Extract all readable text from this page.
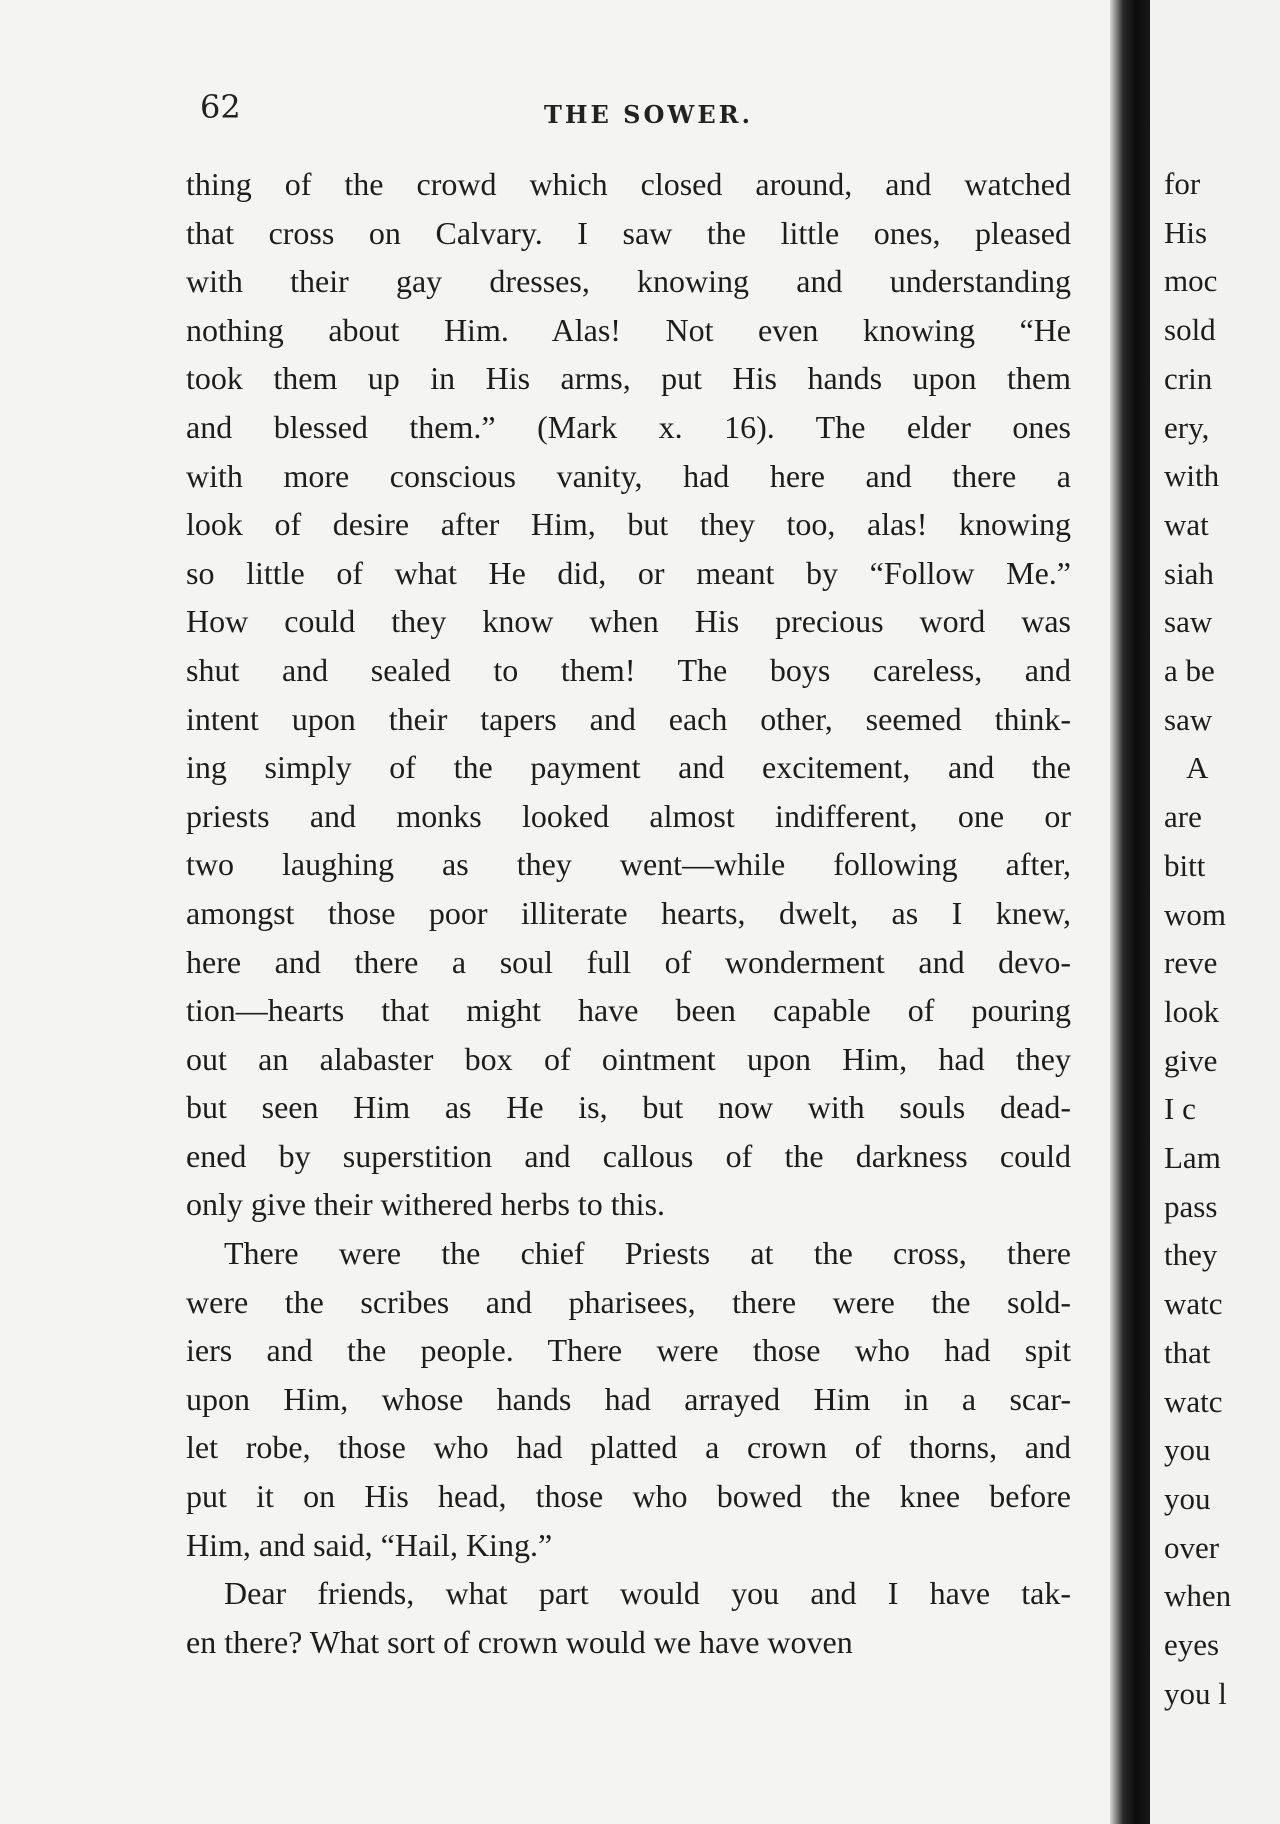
62	THE SOWER.

thing of the crowd which closed around, and watched
that cross on Calvary. I saw the little ones, pleased
with their gay dresses, knowing and understanding
nothing about Him. Alas! Not even knowing “He
took them up in His arms, put His hands upon them
and blessed them.” (Mark x. 16). The elder ones
with more conscious vanity, had here and there a
look of desire after Him, but they too, alas! knowing
so little of what He did, or meant by “Follow Me.”
How could they know when His precious word was
shut and sealed to them! The boys careless, and
intent upon their tapers and each other, seemed think-
ing simply of the payment and excitement, and the
priests and monks looked almost indifferent, one or
two laughing as they went—while following after,
amongst those poor illiterate hearts, dwelt, as I knew,
here and there a soul full of wonderment and devo-
tion—hearts that might have been capable of pouring
out an alabaster box of ointment upon Him, had they
but seen Him as He is, but now with souls dead-
ened by superstition and callous of the darkness could
only give their withered herbs to this.

There were the chief Priests at the cross, there
were the scribes and pharisees, there were the sold-
iers and the people. There were those who had spit
upon Him, whose hands had arrayed Him in a scar-
let robe, those who had platted a crown of thorns, and
put it on His head, those who bowed the knee before
Him, and said, “Hail, King.”

Dear friends, what part would you and I have tak-
en there? What sort of crown would we have woven

for
His
moc
sold
crin
ery,
with
wat
siah
saw
a be
saw
A
are
bitt
wom
reve
look
give
I c
Lam
pass
they
watc
that
watc
you
you
over
when
eyes
you l
